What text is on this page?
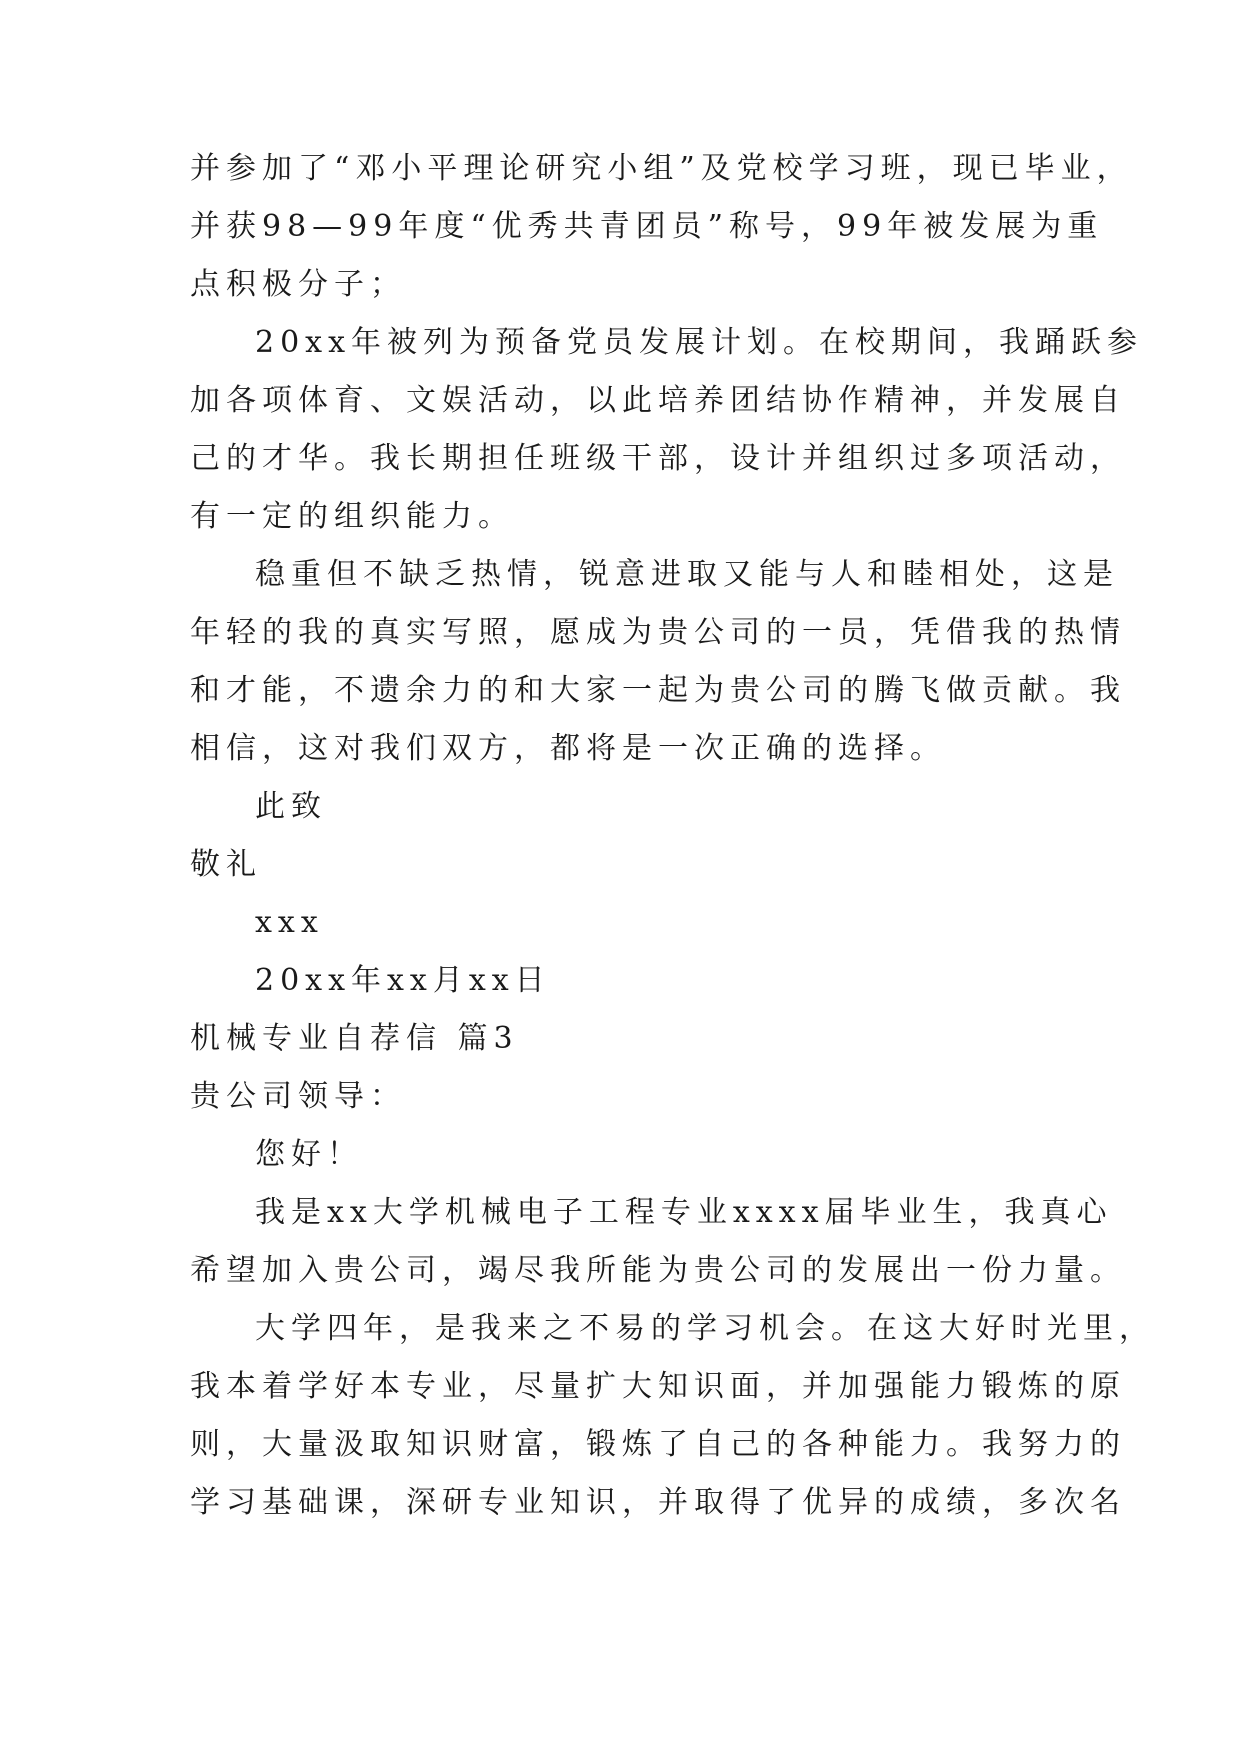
并参加了“邓小平理论研究小组”及党校学习班，现已毕业，
并获98—99年度“优秀共青团员”称号，99年被发展为重
点积极分子；
20xx年被列为预备党员发展计划。在校期间，我踊跃参
加各项体育、文娱活动，以此培养团结协作精神，并发展自
己的才华。我长期担任班级干部，设计并组织过多项活动，
有一定的组织能力。
稳重但不缺乏热情，锐意进取又能与人和睦相处，这是
年轻的我的真实写照，愿成为贵公司的一员，凭借我的热情
和才能，不遗余力的和大家一起为贵公司的腾飞做贡献。我
相信，这对我们双方，都将是一次正确的选择。
此致
敬礼
xxx
20xx年xx月xx日
机械专业自荐信 篇3
贵公司领导：
您好！
我是xx大学机械电子工程专业xxxx届毕业生，我真心
希望加入贵公司，竭尽我所能为贵公司的发展出一份力量。
大学四年，是我来之不易的学习机会。在这大好时光里，
我本着学好本专业，尽量扩大知识面，并加强能力锻炼的原
则，大量汲取知识财富，锻炼了自己的各种能力。我努力的
学习基础课，深研专业知识，并取得了优异的成绩，多次名
